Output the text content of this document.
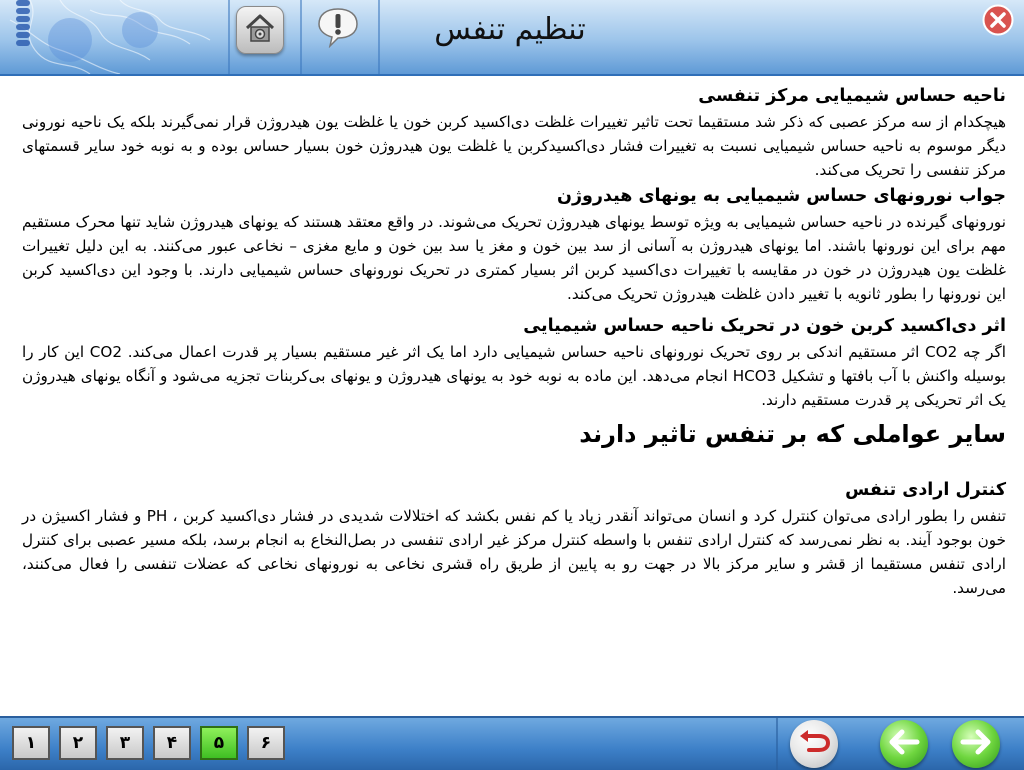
تنظیم تنفس

ناحیه حساس شیمیایی مرکز تنفسی

هیچکدام از سه مرکز عصبی که ذکر شد مستقیما تحت تاثیر تغییرات غلظت دی‌اکسید کربن خون یا غلظت یون هیدروژن قرار نمی‌گیرند بلکه یک ناحیه نورونی دیگر موسوم به ناحیه حساس شیمیایی نسبت به تغییرات فشار دی‌اکسیدکربن یا غلظت یون هیدروژن خون بسیار حساس بوده و به نوبه خود سایر قسمتهای مرکز تنفسی را تحریک می‌کند.

جواب نورونهای حساس شیمیایی به یونهای هیدروژن

نورونهای گیرنده در ناحیه حساس شیمیایی به ویژه توسط یونهای هیدروژن تحریک می‌شوند. در واقع معتقد هستند که یونهای هیدروژن شاید تنها محرک مستقیم مهم برای این نورونها باشند. اما یونهای هیدروژن به آسانی از سد بین خون و مغز یا سد بین خون و مایع مغزی – نخاعی عبور می‌کنند. به این دلیل تغییرات غلظت یون هیدروژن در خون در مقایسه با تغییرات دی‌اکسید کربن اثر بسیار کمتری در تحریک نورونهای حساس شیمیایی دارند. با وجود این دی‌اکسید کربن این نورونها را بطور ثانویه با تغییر دادن غلظت هیدروژن تحریک می‌کند.

اثر دی‌اکسید کربن خون در تحریک ناحیه حساس شیمیایی

اگر چه CO2 اثر مستقیم اندکی بر روی تحریک نورونهای ناحیه حساس شیمیایی دارد اما یک اثر غیر مستقیم بسیار پر قدرت اعمال می‌کند. CO2 این کار را بوسیله واکنش با آب بافتها و تشکیل HCO3 انجام می‌دهد. این ماده به نوبه خود به یونهای هیدروژن و یونهای بی‌کربنات تجزیه می‌شود و آنگاه یونهای هیدروژن یک اثر تحریکی پر قدرت مستقیم دارند.

سایر عواملی که بر تنفس تاثیر دارند

کنترل ارادی تنفس

تنفس را بطور ارادی می‌توان کنترل کرد و انسان می‌تواند آنقدر زیاد یا کم نفس بکشد که اختلالات شدیدی در فشار دی‌اکسید کربن ، PH و فشار اکسیژن در خون بوجود آیند. به نظر نمی‌رسد که کنترل ارادی تنفس با واسطه کنترل مرکز غیر ارادی تنفسی در بصل‌النخاع به انجام برسد، بلکه مسیر عصبی برای کنترل ارادی تنفس مستقیما از قشر و سایر مرکز بالا در جهت رو به پایین از طریق راه قشری نخاعی به نورونهای نخاعی که عضلات تنفسی را فعال می‌کنند، می‌رسد.

۱	۲	۳	۴	۵	۶
